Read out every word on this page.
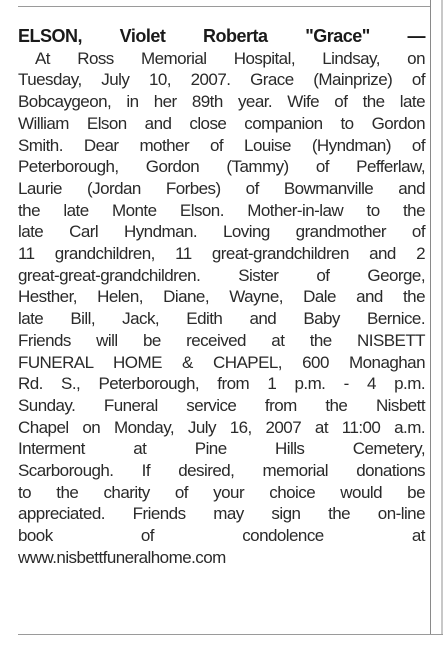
ELSON, Violet Roberta "Grace" —
At Ross Memorial Hospital, Lindsay, on
Tuesday, July 10, 2007. Grace (Mainprize) of
Bobcaygeon, in her 89th year. Wife of the late
William Elson and close companion to Gordon
Smith. Dear mother of Louise (Hyndman) of
Peterborough, Gordon (Tammy) of Pefferlaw,
Laurie (Jordan Forbes) of Bowmanville and
the late Monte Elson. Mother-in-law to the
late Carl Hyndman. Loving grandmother of
11 grandchildren, 11 great-grandchildren and 2
great-great-grandchildren. Sister of George,
Hesther, Helen, Diane, Wayne, Dale and the
late Bill, Jack, Edith and Baby Bernice.
Friends will be received at the NISBETT
FUNERAL HOME & CHAPEL, 600 Monaghan
Rd. S., Peterborough, from 1 p.m. - 4 p.m.
Sunday. Funeral service from the Nisbett
Chapel on Monday, July 16, 2007 at 11:00 a.m.
Interment at Pine Hills Cemetery,
Scarborough. If desired, memorial donations
to the charity of your choice would be
appreciated. Friends may sign the on-line
book of condolence at
www.nisbettfuneralhome.com
